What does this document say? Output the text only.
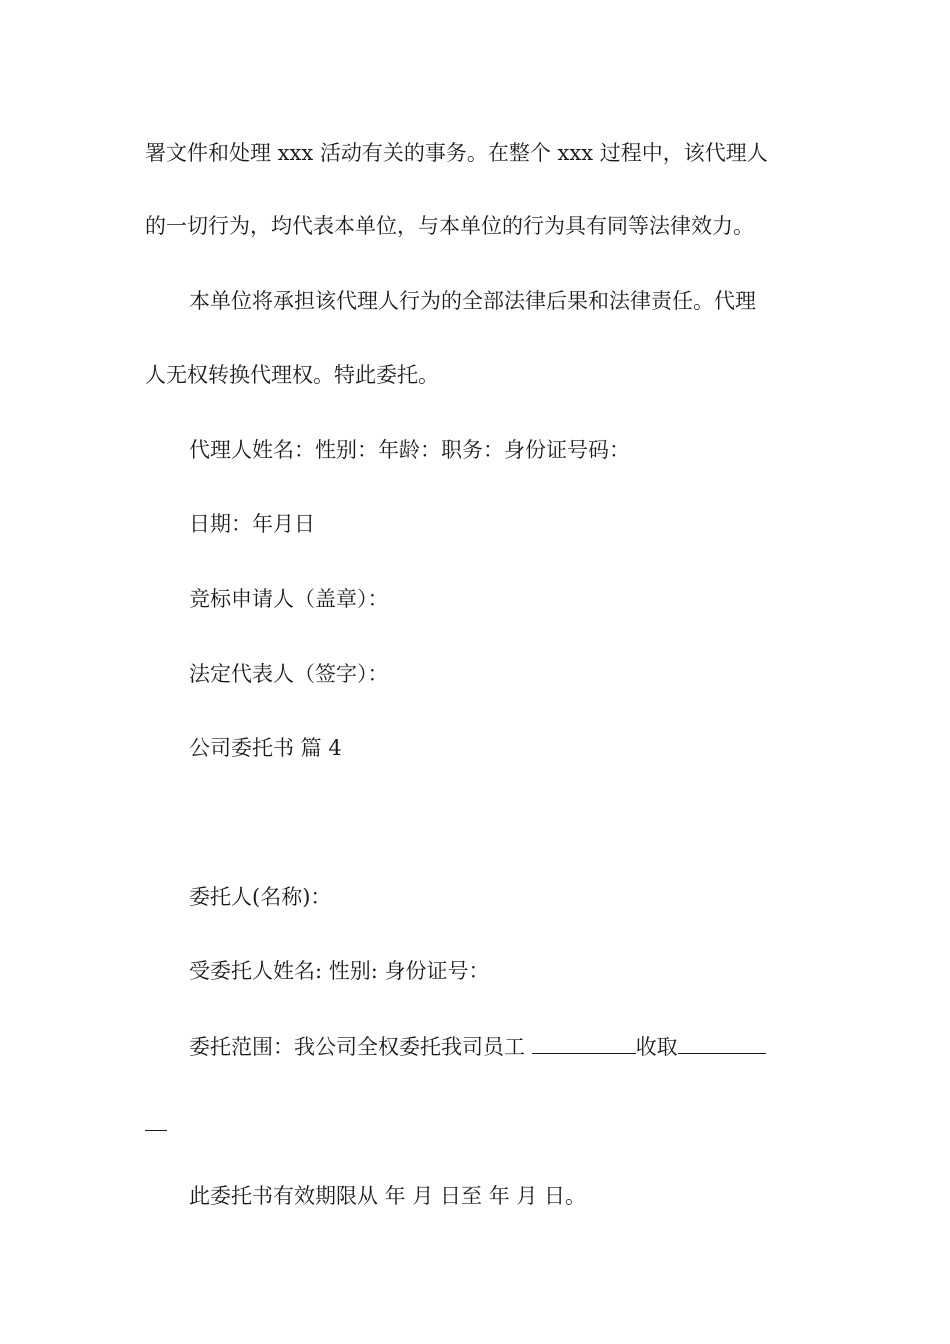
署文件和处理 xxx 活动有关的事务。在整个 xxx 过程中，该代理人
的一切行为，均代表本单位，与本单位的行为具有同等法律效力。
本单位将承担该代理人行为的全部法律后果和法律责任。代理
人无权转换代理权。特此委托。
代理人姓名：性别：年龄：职务：身份证号码：
日期：年月日
竞标申请人（盖章）：
法定代表人（签字）：
公司委托书 篇 4
委托人(名称)：
受委托人姓名: 性别: 身份证号：
委托范围：我公司全权委托我司员工	收取
此委托书有效期限从 年 月 日至 年 月 日。
